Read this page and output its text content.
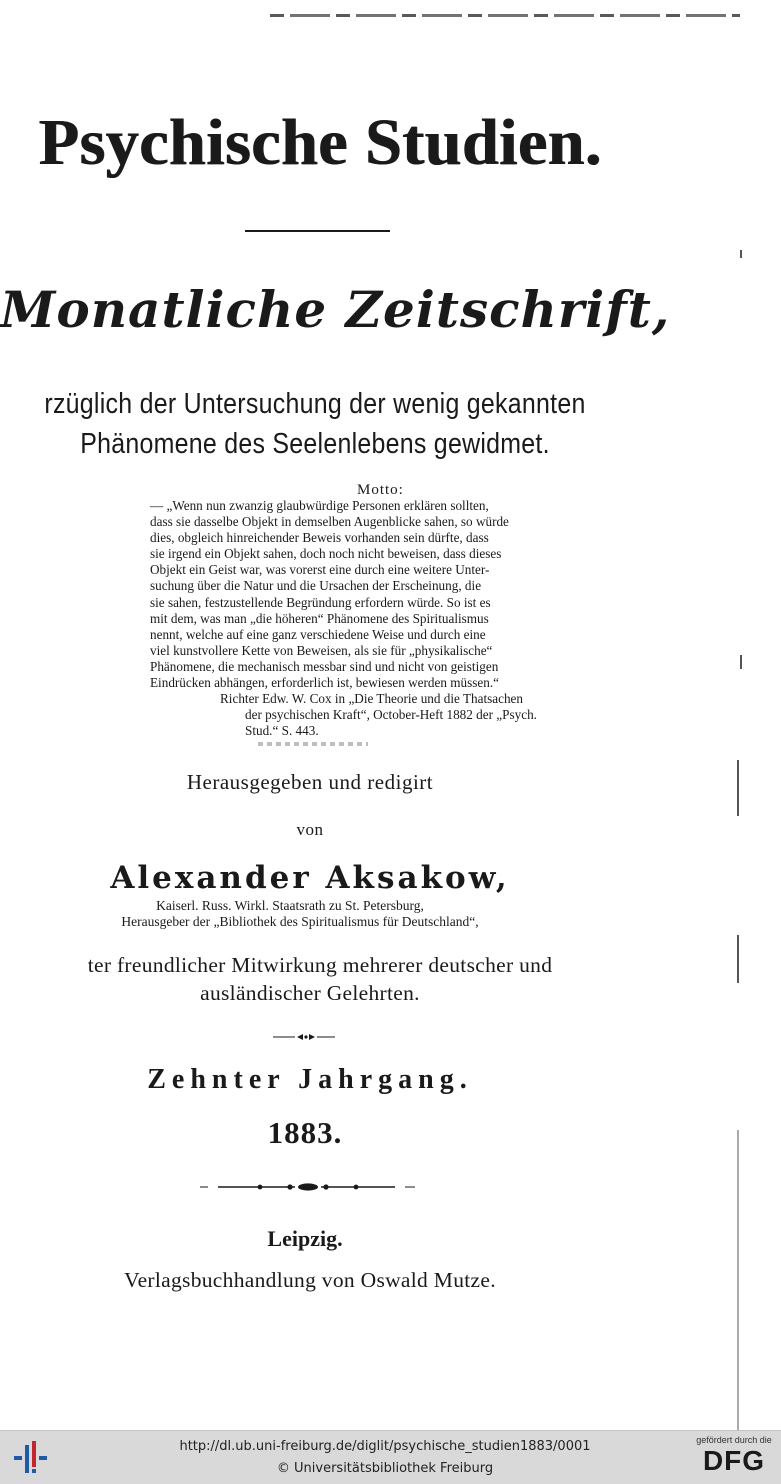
Psychische Studien.
Monatliche Zeitschrift,
rzüglich der Untersuchung der wenig gekannten
Phänomene des Seelenlebens gewidmet.
Motto:
— „Wenn nun zwanzig glaubwürdige Personen erklären sollten,
dass sie dasselbe Objekt in demselben Augenblicke sahen, so würde
dies, obgleich hinreichender Beweis vorhanden sein dürfte, dass
sie irgend ein Objekt sahen, doch noch nicht beweisen, dass dieses
Objekt ein Geist war, was vorerst eine durch eine weitere Unter-
suchung über die Natur und die Ursachen der Erscheinung, die
sie sahen, festzustellende Begründung erfordern würde. So ist es
mit dem, was man „die höheren“ Phänomene des Spiritualismus
nennt, welche auf eine ganz verschiedene Weise und durch eine
viel kunstvollere Kette von Beweisen, als sie für „physikalische“
Phänomene, die mechanisch messbar sind und nicht von geistigen
Eindrücken abhängen, erforderlich ist, bewiesen werden müssen.“
Richter Edw. W. Cox in „Die Theorie und die Thatsachen
der psychischen Kraft“, October-Heft 1882 der „Psych.
Stud.“ S. 443.
Herausgegeben und redigirt
von
Alexander Aksakow,
Kaiserl. Russ. Wirkl. Staatsrath zu St. Petersburg,
Herausgeber der „Bibliothek des Spiritualismus für Deutschland“,
ter freundlicher Mitwirkung mehrerer deutscher und
ausländischer Gelehrten.
Zehnter Jahrgang.
1883.
Leipzig.
Verlagsbuchhandlung von Oswald Mutze.
http://dl.ub.uni-freiburg.de/diglit/psychische_studien1883/0001
© Universitätsbibliothek Freiburg
gefördert durch die
DFG
